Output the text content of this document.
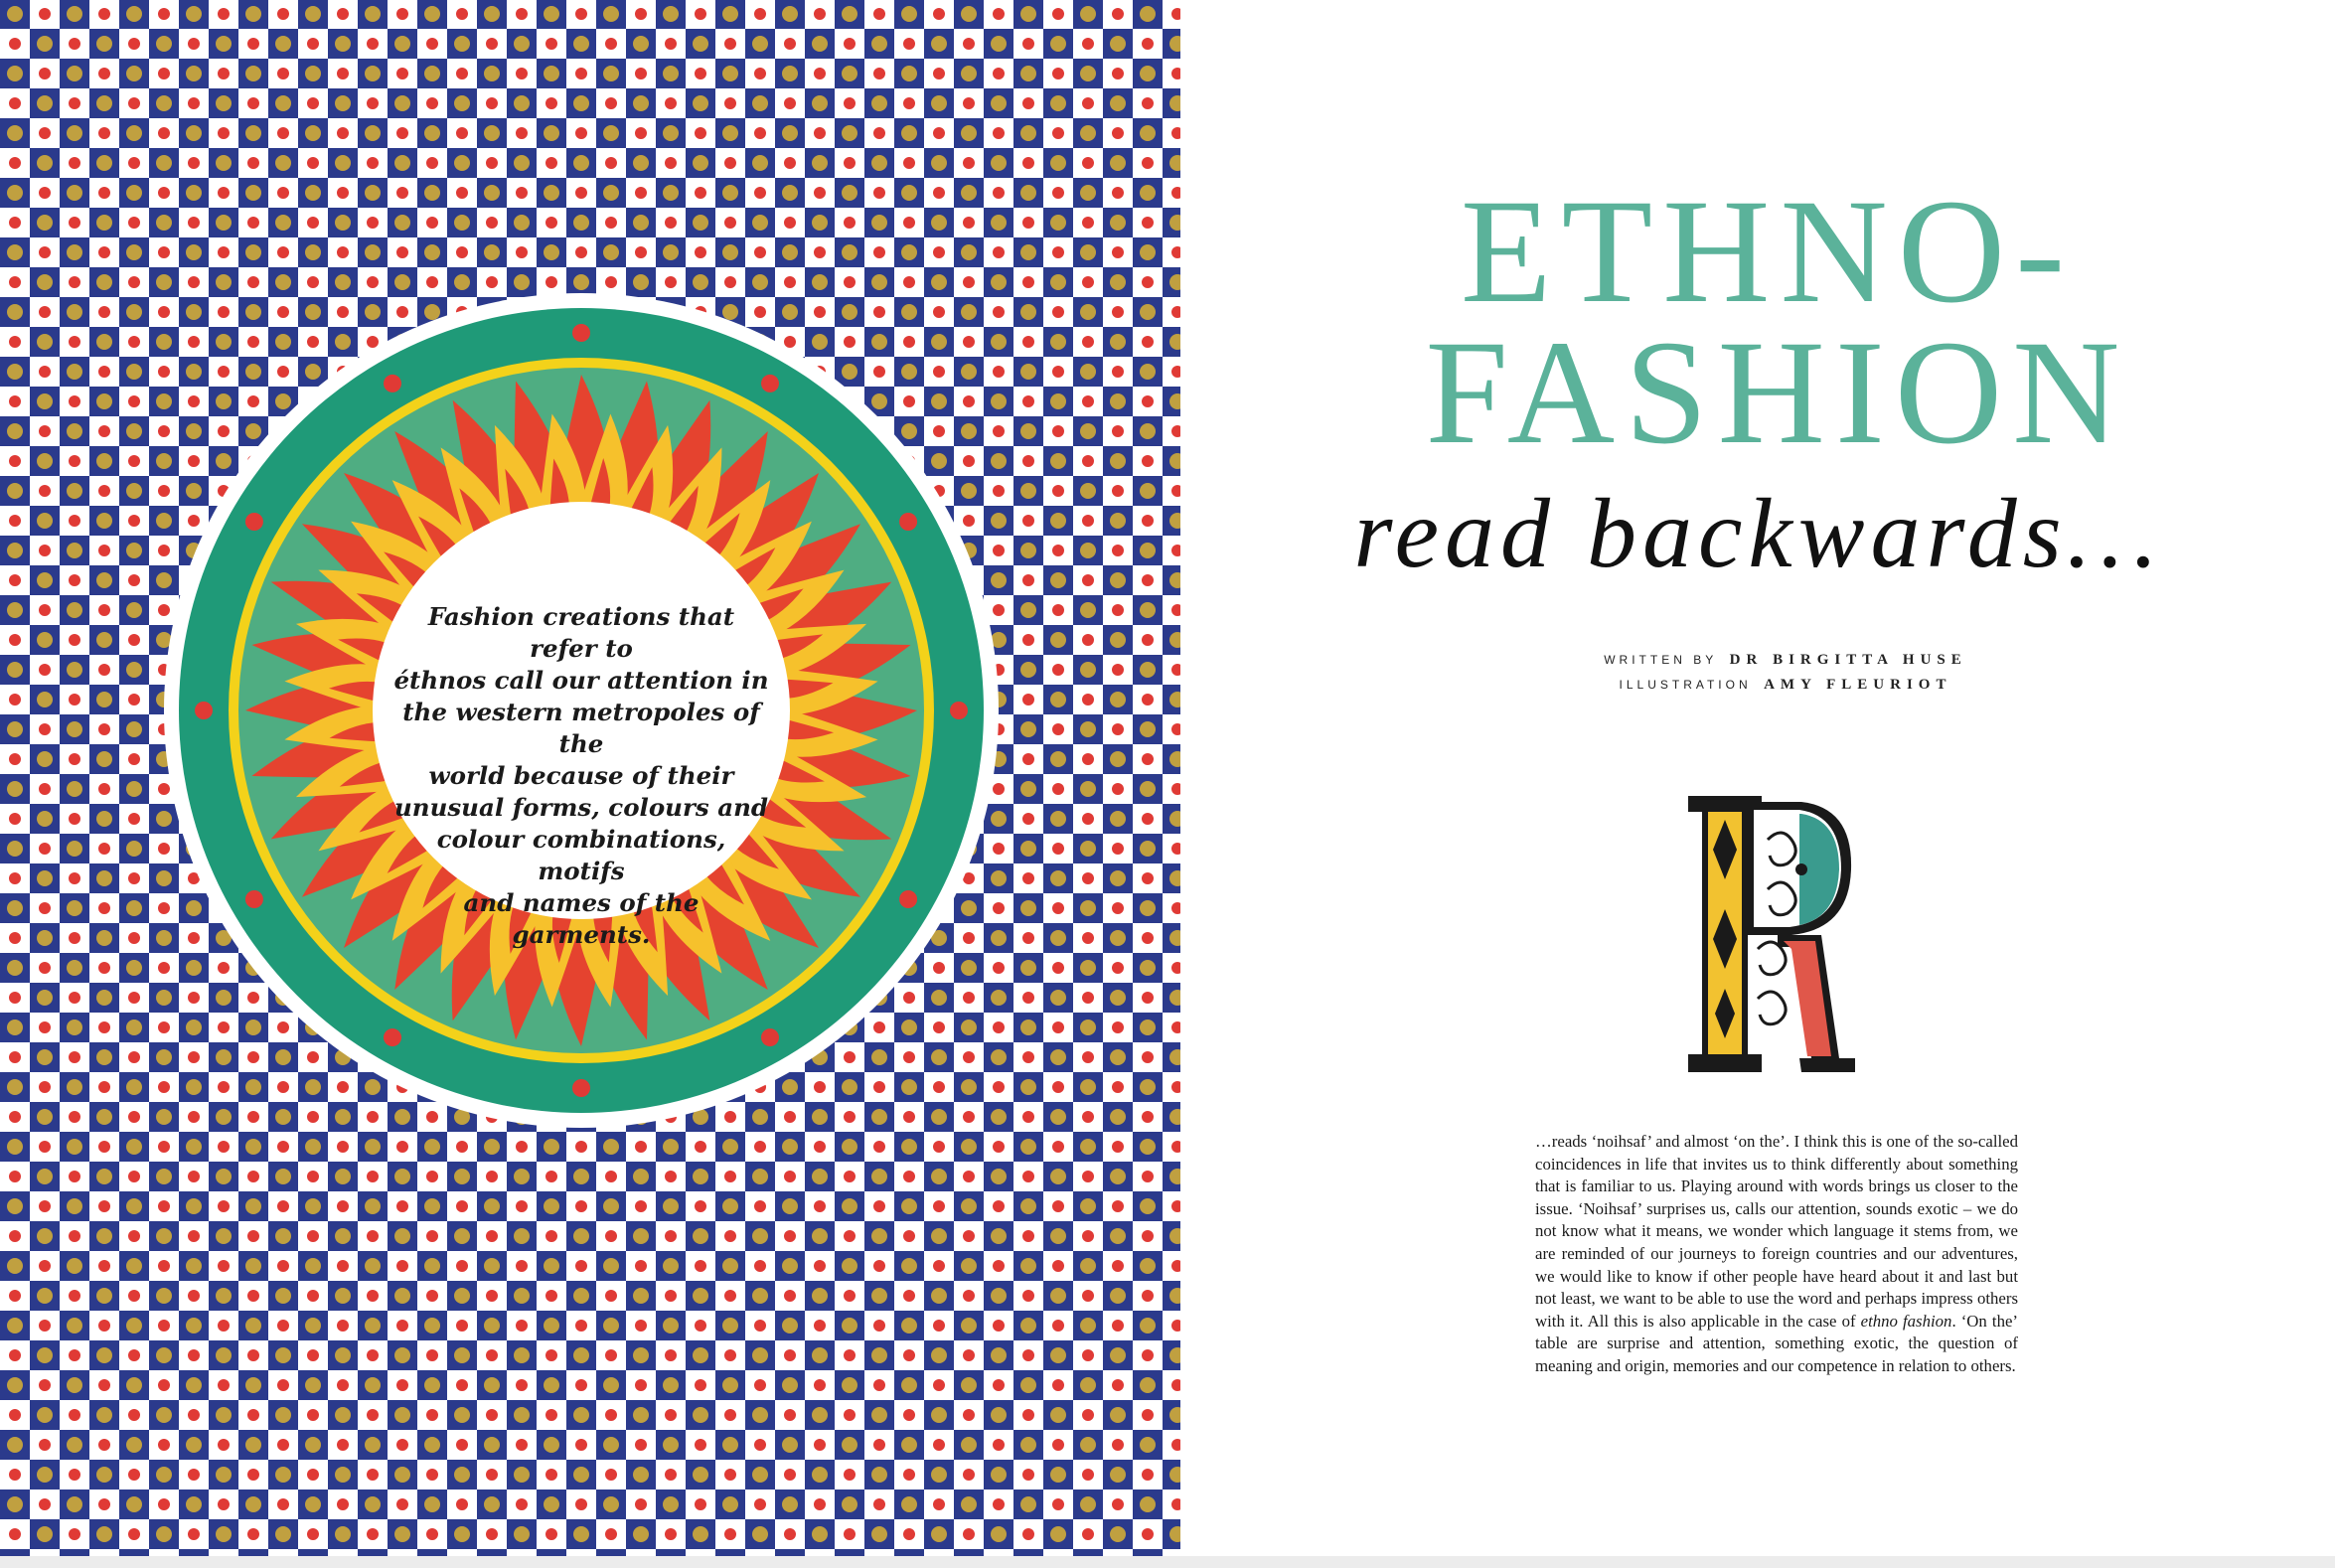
Fashion creations that refer to
éthnos call our attention in
the western metropoles of the
world because of their
unusual forms, colours and
colour combinations, motifs
and names of the garments.
ETHNO-
FASHION
read backwards…
WRITTEN BY DR BIRGITTA HUSE
ILLUSTRATION AMY FLEURIOT

…reads ‘noihsaf’ and almost ‘on the’. I think this is one of the so-called coincidences in life that invites us to think differently about something that is familiar to us. Playing around with words brings us closer to the issue. ‘Noihsaf’ surprises us, calls our attention, sounds exotic – we do not know what it means, we wonder which language it stems from, we are reminded of our journeys to foreign countries and our adventures, we would like to know if other people have heard about it and last but not least, we want to be able to use the word and perhaps impress others with it. All this is also applicable in the case of ethno fashion. ‘On the’ table are surprise and attention, something exotic, the question of meaning and origin, memories and our competence in relation to others.
